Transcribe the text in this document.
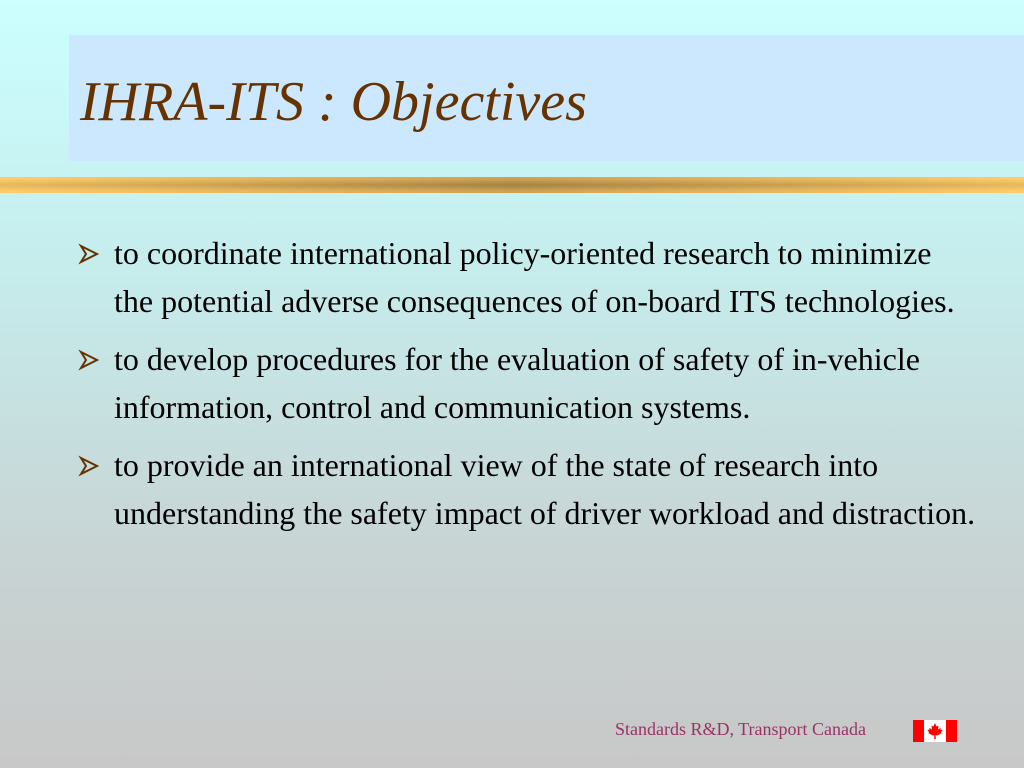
IHRA-ITS : Objectives
to coordinate international policy-oriented research to minimize the potential adverse consequences of on-board ITS technologies.
to develop procedures for the evaluation of safety of in-vehicle information, control and communication systems.
to provide an international view of the state of research into understanding the safety impact of driver workload and distraction.
Standards R&D, Transport Canada
